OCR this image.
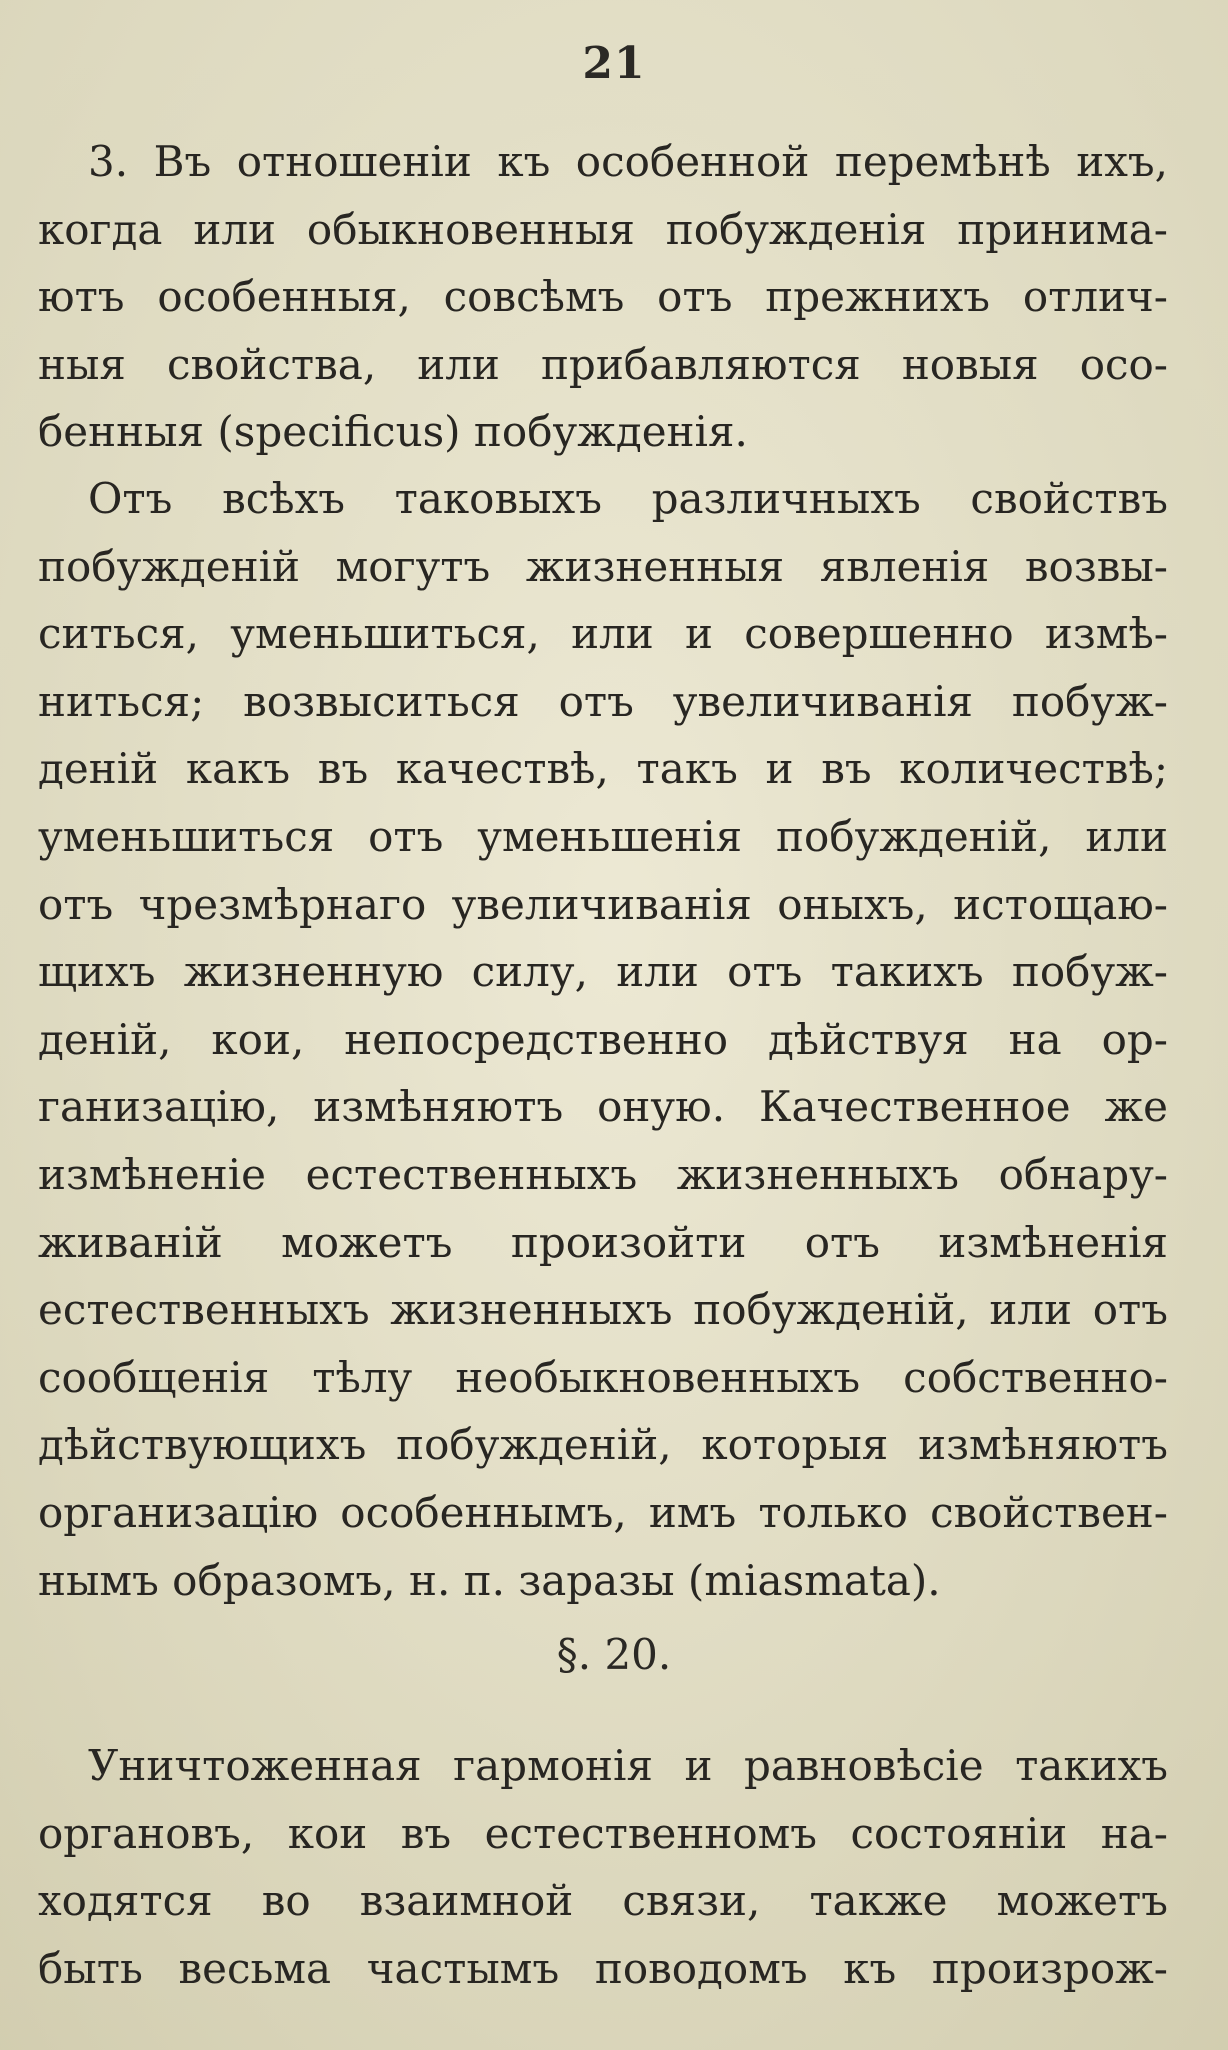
21
3. Въ отношеніи къ особенной перемѣнѣ ихъ,
когда или обыкновенныя побужденія принима-
ютъ особенныя, совсѣмъ отъ прежнихъ отлич-
ныя свойства, или прибавляются новыя осо-
бенныя (specificus) побужденія.
Отъ всѣхъ таковыхъ различныхъ свойствъ
побужденій могутъ жизненныя явленія возвы-
ситься, уменьшиться, или и совершенно измѣ-
ниться; возвыситься отъ увеличиванія побуж-
деній какъ въ качествѣ, такъ и въ количествѣ;
уменьшиться отъ уменьшенія побужденій, или
отъ чрезмѣрнаго увеличиванія оныхъ, истощаю-
щихъ жизненную силу, или отъ такихъ побуж-
деній, кои, непосредственно дѣйствуя на ор-
ганизацію, измѣняютъ оную. Качественное же
измѣненіе естественныхъ жизненныхъ обнару-
живаній можетъ произойти отъ измѣненія
естественныхъ жизненныхъ побужденій, или отъ
сообщенія тѣлу необыкновенныхъ собственно-
дѣйствующихъ побужденій, которыя измѣняютъ
организацію особеннымъ, имъ только свойствен-
нымъ образомъ, н. п. заразы (miasmata).
§. 20.
Уничтоженная гармонія и равновѣсіе такихъ
органовъ, кои въ естественномъ состояніи на-
ходятся во взаимной связи, также можетъ
быть весьма частымъ поводомъ къ произрож-
